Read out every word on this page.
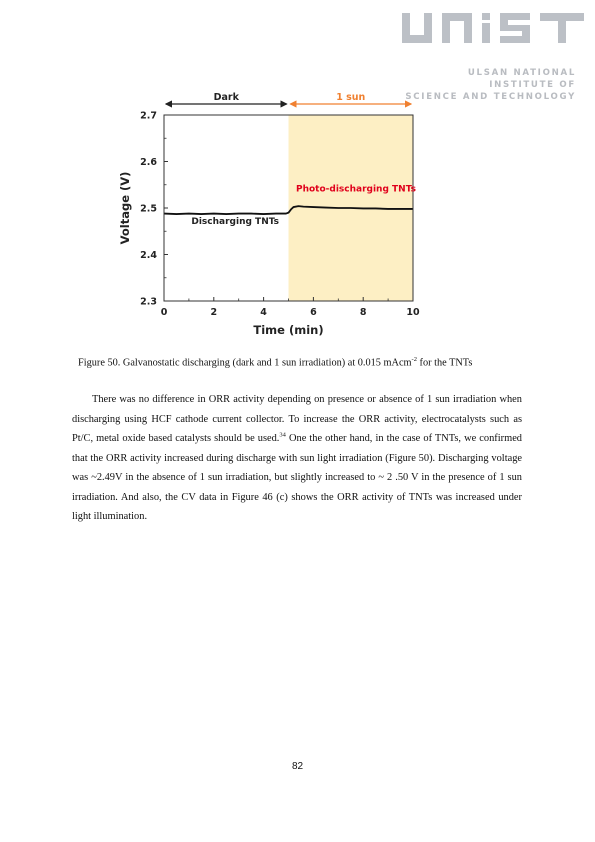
ULSAN NATIONAL INSTITUTE OF
SCIENCE AND TECHNOLOGY
Dark	1 sun
0	2	4	6	8	10
2.3
2.4
2.5
2.6
2.7
Time (min)
Voltage (V)	Discharging TNTs
Photo-discharging TNTs
Figure 50. Galvanostatic discharging (dark and 1 sun irradiation) at 0.015 mAcm$^{-2}$ for the TNTs

There was no difference in ORR activity depending on presence or absence of 1 sun irradiation when discharging using HCF cathode current collector. To increase the ORR activity, electrocatalysts such as Pt/C, metal oxide based catalysts should be used.$^{34}$ One the other hand, in the case of TNTs, we confirmed that the ORR activity increased during discharge with sun light irradiation (Figure 50). Discharging voltage was ~2.49V in the absence of 1 sun irradiation, but slightly increased to ~ 2 .50 V in the presence of 1 sun irradiation. And also, the CV data in Figure 46 (c) shows the ORR activity of TNTs was increased under light illumination.

82
